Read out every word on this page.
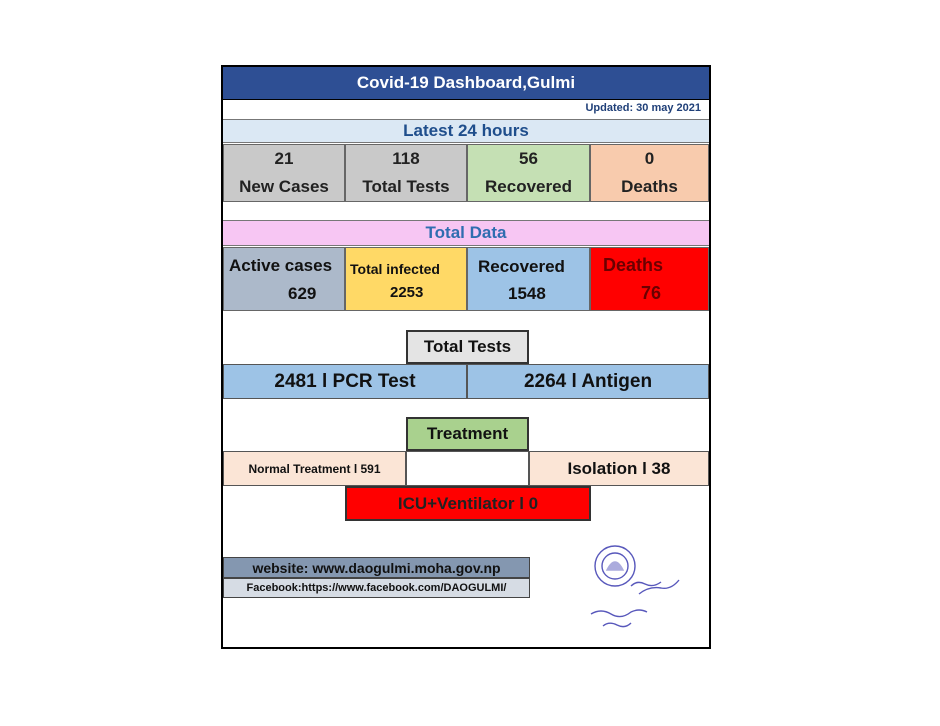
Covid-19 Dashboard,Gulmi
Updated: 30 may 2021
Latest 24 hours
21
New Cases
118
Total Tests
56
Recovered
0
Deaths
Total Data
Active cases
629
Total infected
2253
Recovered
1548
Deaths
76
Total Tests
2481 l PCR Test	2264 l Antigen
Treatment
Normal Treatment l 591	Isolation l 38
ICU+Ventilator l 0
website: www.daogulmi.moha.gov.np
Facebook:https://www.facebook.com/DAOGULMI/
